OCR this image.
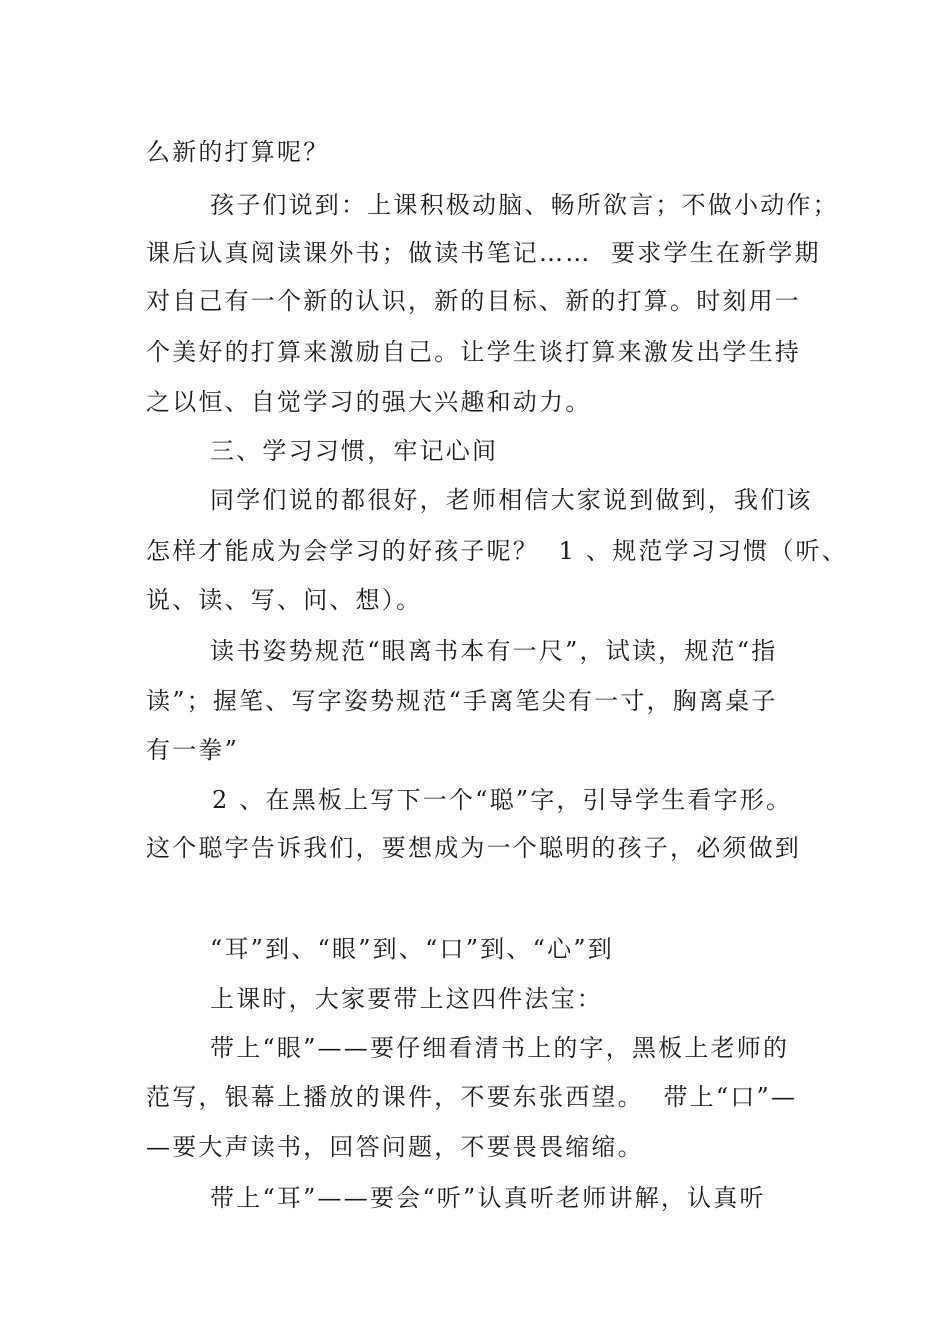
么新的打算呢？
孩子们说到：上课积极动脑、畅所欲言；不做小动作；
课后认真阅读课外书；做读书笔记……  要求学生在新学期
对自己有一个新的认识，新的目标、新的打算。时刻用一
个美好的打算来激励自己。让学生谈打算来激发出学生持
之以恒、自觉学习的强大兴趣和动力。
三、学习习惯，牢记心间
同学们说的都很好，老师相信大家说到做到，我们该
怎样才能成为会学习的好孩子呢？  1 、规范学习习惯（听、
说、读、写、问、想）。
读书姿势规范“眼离书本有一尺”，试读，规范“指
读”；握笔、写字姿势规范“手离笔尖有一寸，胸离桌子
有一拳”
2 、在黑板上写下一个“聪”字，引导学生看字形。
这个聪字告诉我们，要想成为一个聪明的孩子，必须做到
“耳”到、“眼”到、“口”到、“心”到
上课时，大家要带上这四件法宝：
带上“眼”——要仔细看清书上的字，黑板上老师的
范写，银幕上播放的课件，不要东张西望。  带上“口”—
—要大声读书，回答问题，不要畏畏缩缩。
带上“耳”——要会“听”认真听老师讲解，认真听
